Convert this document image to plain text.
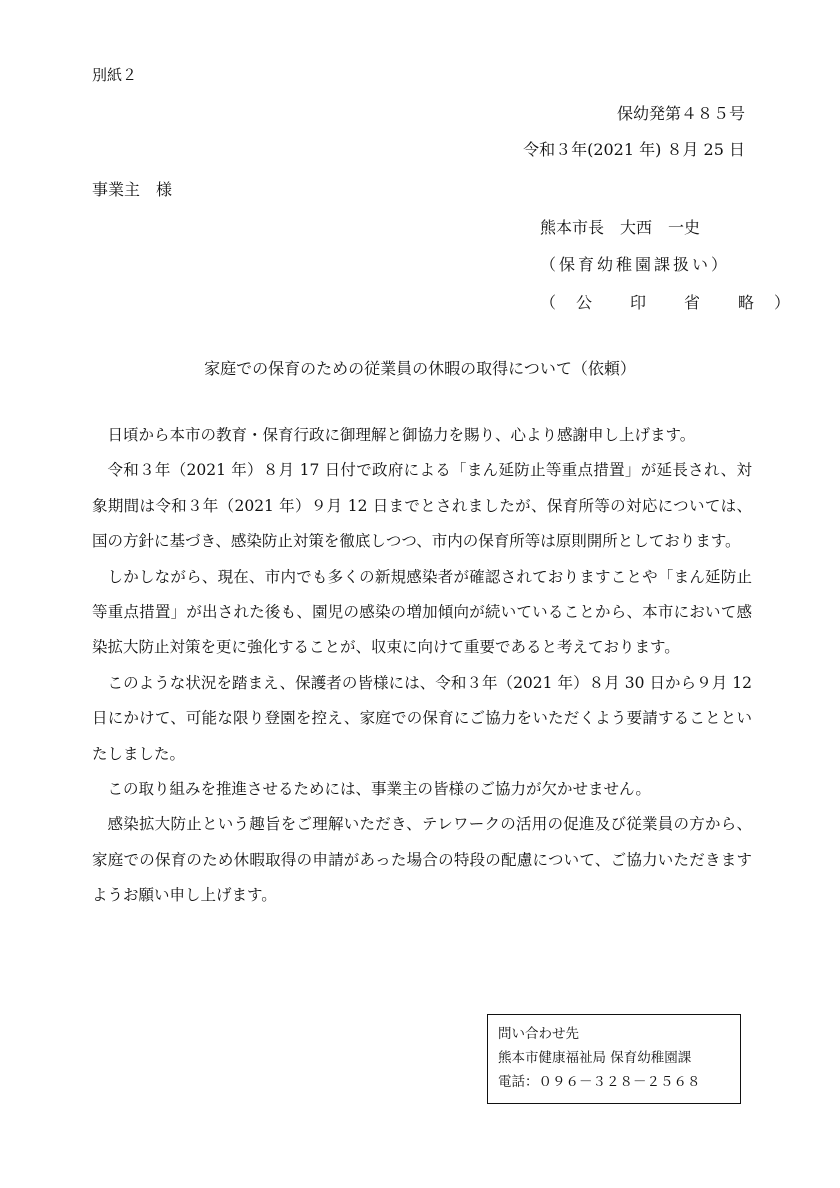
別紙２
保幼発第４８５号
令和３年(2021 年) ８月 25 日
事業主　様
熊本市長　大西　一史
（保育幼稚園課扱い）
（　公　　印　　省　　略　）
家庭での保育のための従業員の休暇の取得について（依頼）

日頃から本市の教育・保育行政に御理解と御協力を賜り、心より感謝申し上げます。

令和３年（2021 年）８月 17 日付で政府による「まん延防止等重点措置」が延長され、対象期間は令和３年（2021 年）９月 12 日までとされましたが、保育所等の対応については、国の方針に基づき、感染防止対策を徹底しつつ、市内の保育所等は原則開所としております。

しかしながら、現在、市内でも多くの新規感染者が確認されておりますことや「まん延防止等重点措置」が出された後も、園児の感染の増加傾向が続いていることから、本市において感染拡大防止対策を更に強化することが、収束に向けて重要であると考えております。

このような状況を踏まえ、保護者の皆様には、令和３年（2021 年）８月 30 日から９月 12 日にかけて、可能な限り登園を控え、家庭での保育にご協力をいただくよう要請することといたしました。

この取り組みを推進させるためには、事業主の皆様のご協力が欠かせません。

感染拡大防止という趣旨をご理解いただき、テレワークの活用の促進及び従業員の方から、家庭での保育のため休暇取得の申請があった場合の特段の配慮について、ご協力いただきますようお願い申し上げます。

問い合わせ先
熊本市健康福祉局 保育幼稚園課
電話：０９６－３２８－２５６８
